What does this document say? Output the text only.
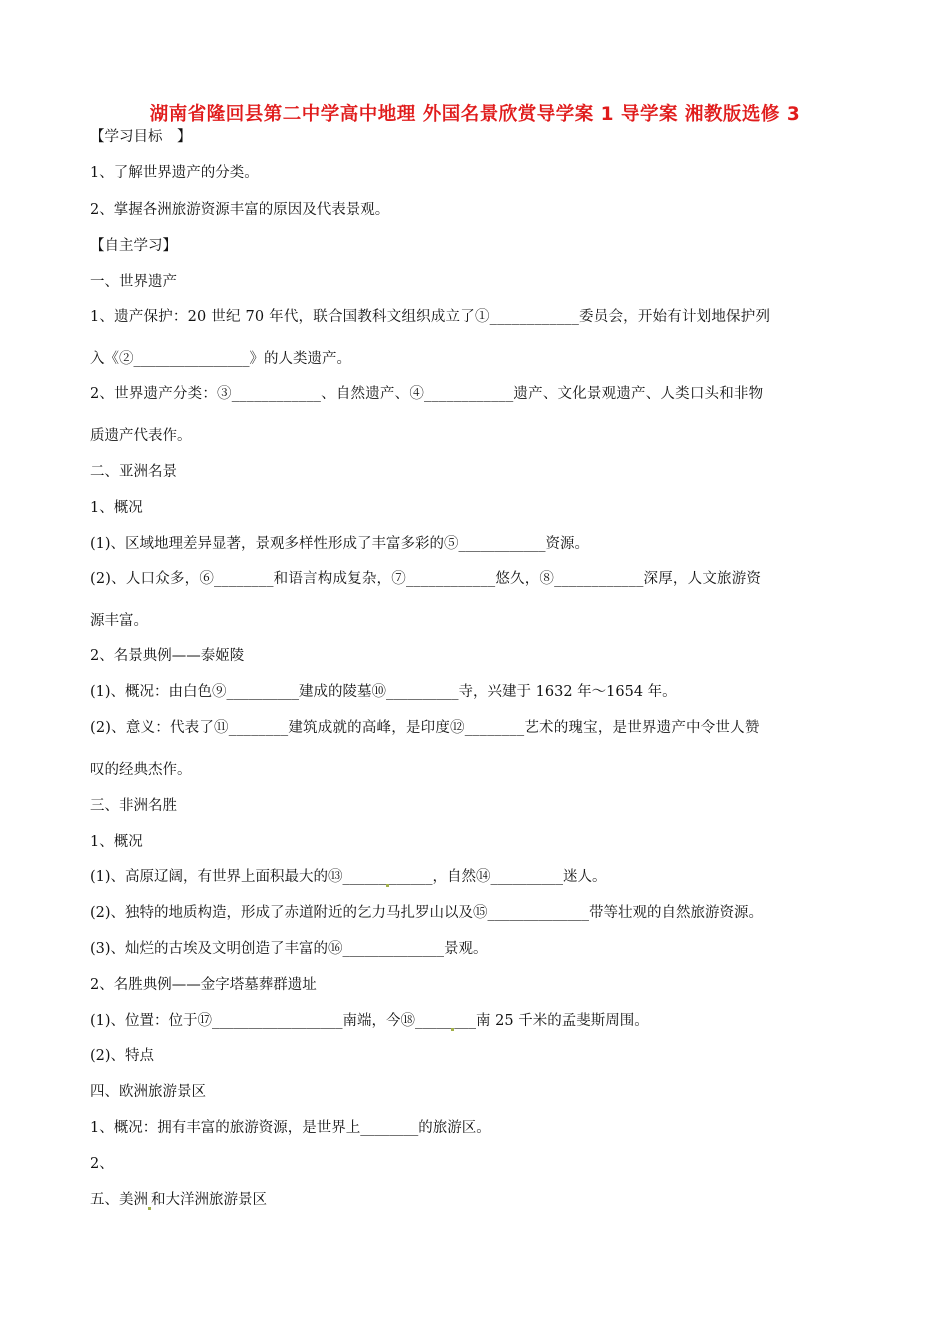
湖南省隆回县第二中学高中地理 外国名景欣赏导学案 1 导学案 湘教版选修 3
【学习目标　】
1、了解世界遗产的分类。
2、掌握各洲旅游资源丰富的原因及代表景观。
【自主学习】
一、世界遗产
1、遗产保护：20 世纪 70 年代，联合国教科文组织成立了①____________委员会，开始有计划地保护列
入《②________________》的人类遗产。
2、世界遗产分类：③____________、自然遗产、④____________遗产、文化景观遗产、人类口头和非物
质遗产代表作。
二、亚洲名景
1、概况
(1)、区域地理差异显著，景观多样性形成了丰富多彩的⑤____________资源。
(2)、人口众多，⑥________和语言构成复杂，⑦____________悠久，⑧____________深厚，人文旅游资
源丰富。
2、名景典例——泰姬陵
(1)、概况：由白色⑨__________建成的陵墓⑩__________寺，兴建于 1632 年～1654 年。
(2)、意义：代表了⑪________建筑成就的高峰，是印度⑫________艺术的瑰宝，是世界遗产中令世人赞
叹的经典杰作。
三、非洲名胜
1、概况
(1)、高原辽阔，有世界上面积最大的⑬______ ______，自然⑭__________迷人。
(2)、独特的地质构造，形成了赤道附近的乞力马扎罗山以及⑮______________带等壮观的自然旅游资源。
(3)、灿烂的古埃及文明创造了丰富的⑯______________景观。
2、名胜典例——金字塔墓葬群遗址
(1)、位置：位于⑰__________________南端，今⑱_____ ___南 25 千米的孟斐斯周围。
(2)、特点
四、欧洲旅游景区
1、概况：拥有丰富的旅游资源，是世界上________的旅游区。
2、
五、美洲 和大洋洲旅游景区
